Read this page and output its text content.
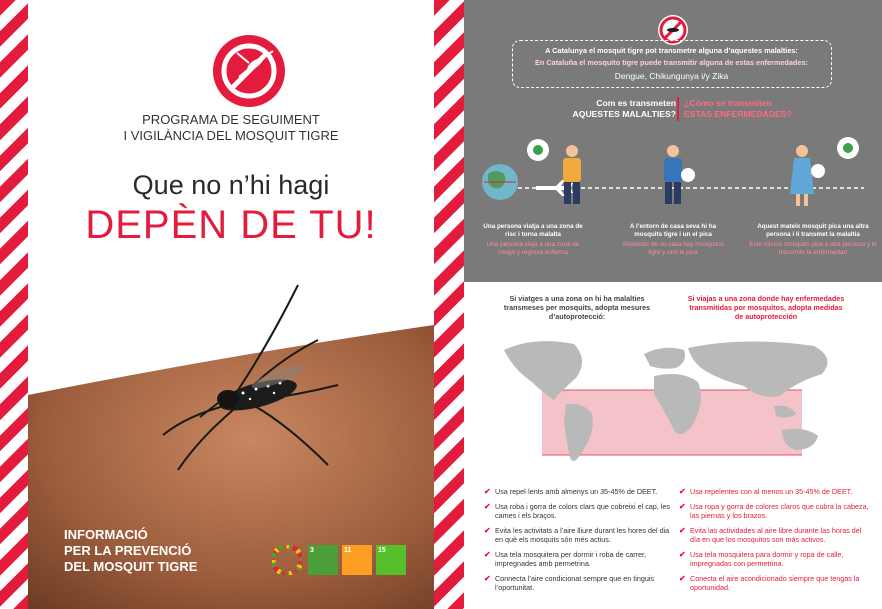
PROGRAMA DE SEGUIMENT
I VIGILÀNCIA DEL MOSQUIT TIGRE

Que no n’hi hagi

DEPÈN DE TU!

INFORMACIÓ
PER LA PREVENCIÓ
DEL MOSQUIT TIGRE

3	11	15

A Catalunya el mosquit tigre pot transmetre alguna d’aquestes malalties:

En Cataluña el mosquito tigre puede transmitir alguna de estas enfermedades:

Dengue, Chikungunya i/y Zika

Com es transmeten
AQUESTES MALALTIES?

¿Cómo se transmiten
ESTAS ENFERMEDADES?

Una persona viatja a una zona de risc i torna malalta

Una persona viaja a una zona de riesgo y regresa enferma

A l’entorn de casa seva hi ha mosquits tigre i un el pica

Alrededor de su casa hay mosquitos tigre y uno le pica

Aquest mateix mosquit pica una altra persona i li transmet la malaltia

Este mismo mosquito pica a otra persona y le transmite la enfermedad

Si viatges a una zona on hi ha malalties transmeses per mosquits, adopta mesures d’autoprotecció:

Si viajas a una zona donde hay enfermedades transmitidas por mosquitos, adopta medidas de autoprotección

✔ Usa repel·lents amb almenys un 35-45% de DEET.

✔ Usa roba i gorra de colors clars que cobreixi el cap, les cames i els braços.

✔ Evita les activitats a l’aire lliure durant les hores del dia en què els mosquits són més actius.

✔ Usa tela mosquitera per dormir i roba de carrer, impregnades amb permetrina.

✔ Connecta l’aire condicionat sempre que en tinguis l’oportunitat.

✔ Usa repelentes con al menos un 35-45% de DEET.

✔ Usa ropa y gorra de colores claros que cubra la cabeza, las piernas y los brazos.

✔ Evita las actividades al aire libre durante las horas del día en que los mosquitos son más activos.

✔ Usa tela mosquitera para dormir y ropa de calle, impregnadas con permetrina.

✔ Conecta el aire acondicionado siempre que tengas la oportunidad.
